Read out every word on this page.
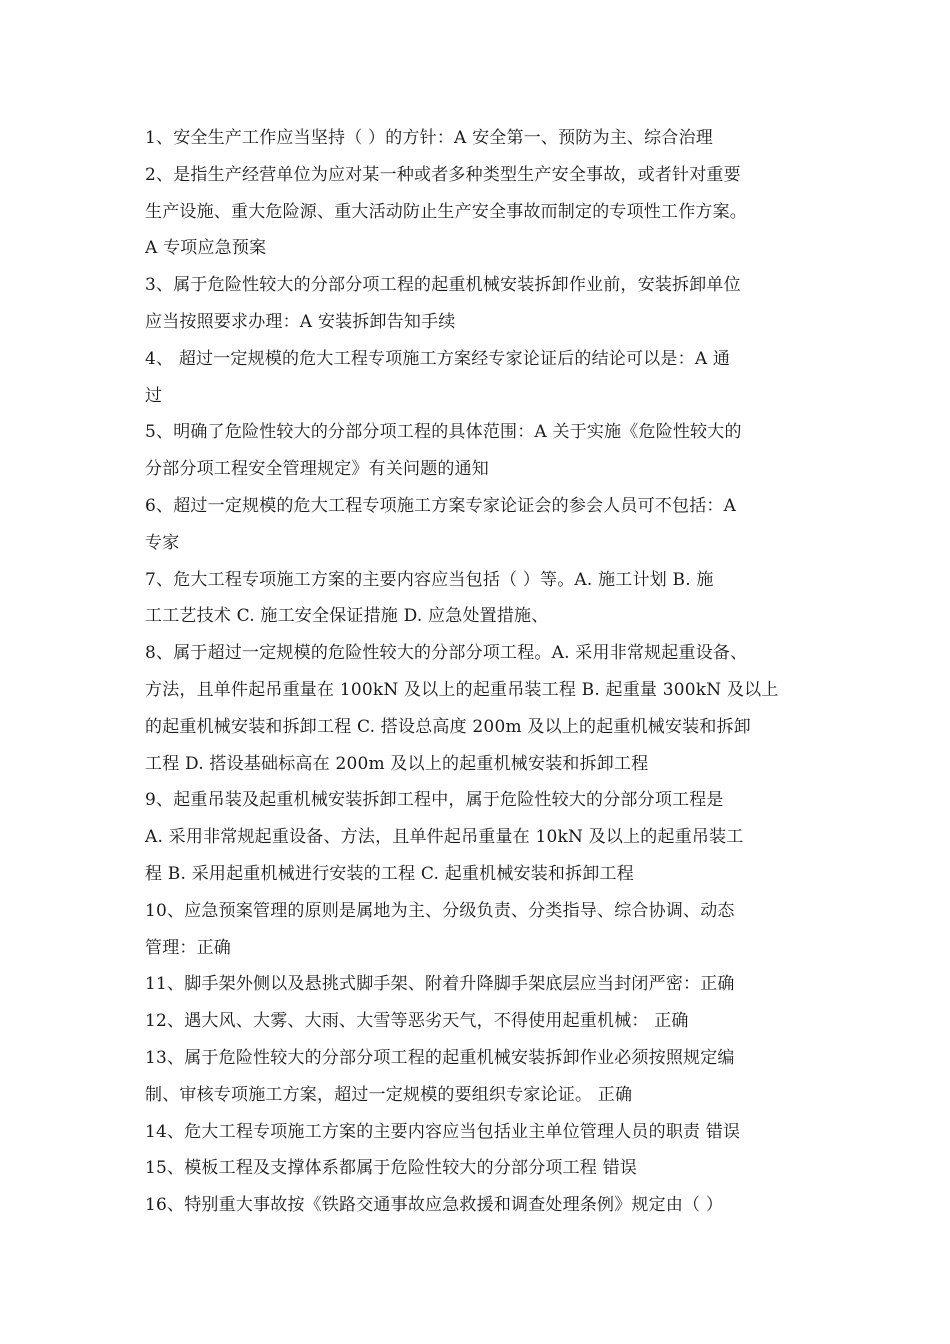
1、安全生产工作应当坚持（ ）的方针：A 安全第一、预防为主、综合治理
2、是指生产经营单位为应对某一种或者多种类型生产安全事故，或者针对重要
生产设施、重大危险源、重大活动防止生产安全事故而制定的专项性工作方案。
A 专项应急预案
3、属于危险性较大的分部分项工程的起重机械安装拆卸作业前，安装拆卸单位
应当按照要求办理：A 安装拆卸告知手续
4、 超过一定规模的危大工程专项施工方案经专家论证后的结论可以是：A 通
过
5、明确了危险性较大的分部分项工程的具体范围：A 关于实施《危险性较大的
分部分项工程安全管理规定》有关问题的通知
6、超过一定规模的危大工程专项施工方案专家论证会的参会人员可不包括：A
专家
7、危大工程专项施工方案的主要内容应当包括（ ）等。A. 施工计划 B. 施
工工艺技术 C. 施工安全保证措施 D. 应急处置措施、
8、属于超过一定规模的危险性较大的分部分项工程。A. 采用非常规起重设备、
方法，且单件起吊重量在 100kN 及以上的起重吊装工程 B. 起重量 300kN 及以上
的起重机械安装和拆卸工程 C. 搭设总高度 200m 及以上的起重机械安装和拆卸
工程 D. 搭设基础标高在 200m 及以上的起重机械安装和拆卸工程
9、起重吊装及起重机械安装拆卸工程中，属于危险性较大的分部分项工程是
A. 采用非常规起重设备、方法，且单件起吊重量在 10kN 及以上的起重吊装工
程 B. 采用起重机械进行安装的工程 C. 起重机械安装和拆卸工程
10、应急预案管理的原则是属地为主、分级负责、分类指导、综合协调、动态
管理：正确
11、脚手架外侧以及悬挑式脚手架、附着升降脚手架底层应当封闭严密：正确
12、遇大风、大雾、大雨、大雪等恶劣天气，不得使用起重机械： 正确
13、属于危险性较大的分部分项工程的起重机械安装拆卸作业必须按照规定编
制、审核专项施工方案，超过一定规模的要组织专家论证。 正确
14、危大工程专项施工方案的主要内容应当包括业主单位管理人员的职责 错误
15、模板工程及支撑体系都属于危险性较大的分部分项工程 错误
16、特别重大事故按《铁路交通事故应急救援和调查处理条例》规定由（ ）
